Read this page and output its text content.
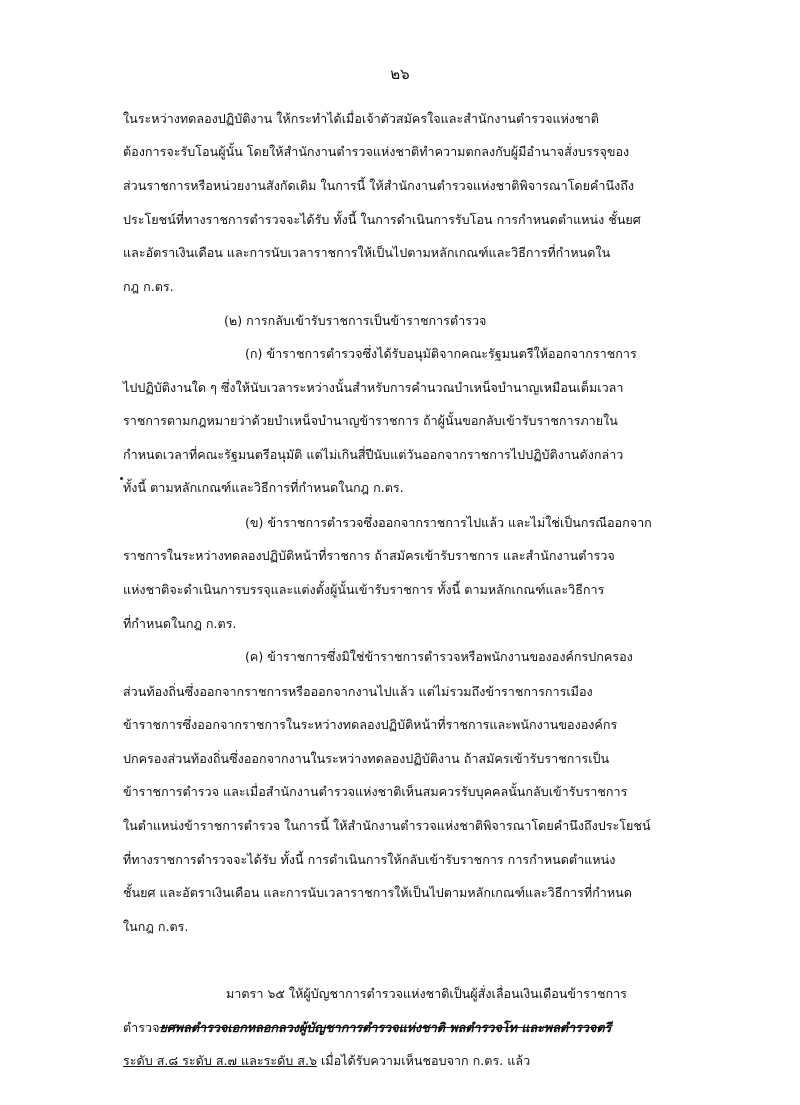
๒๖
ในระหว่างทดลองปฏิบัติงาน ให้กระทำได้เมื่อเจ้าตัวสมัครใจและสำนักงานตำรวจแห่งชาติ
ต้องการจะรับโอนผู้นั้น โดยให้สำนักงานตำรวจแห่งชาติทำความตกลงกับผู้มีอำนาจสั่งบรรจุของ
ส่วนราชการหรือหน่วยงานสังกัดเดิม ในการนี้ ให้สำนักงานตำรวจแห่งชาติพิจารณาโดยคำนึงถึง
ประโยชน์ที่ทางราชการตำรวจจะได้รับ ทั้งนี้ ในการดำเนินการรับโอน การกำหนดตำแหน่ง ชั้นยศ
และอัตราเงินเดือน และการนับเวลาราชการให้เป็นไปตามหลักเกณฑ์และวิธีการที่กำหนดใน
กฎ ก.ตร.
(๒) การกลับเข้ารับราชการเป็นข้าราชการตำรวจ
(ก) ข้าราชการตำรวจซึ่งได้รับอนุมัติจากคณะรัฐมนตรีให้ออกจากราชการ
ไปปฏิบัติงานใด ๆ ซึ่งให้นับเวลาระหว่างนั้นสำหรับการคำนวณบำเหน็จบำนาญเหมือนเต็มเวลา
ราชการตามกฎหมายว่าด้วยบำเหน็จบำนาญข้าราชการ ถ้าผู้นั้นขอกลับเข้ารับราชการภายใน
กำหนดเวลาที่คณะรัฐมนตรีอนุมัติ แต่ไม่เกินสี่ปีนับแต่วันออกจากราชการไปปฏิบัติงานดังกล่าว
ทั้งนี้ ตามหลักเกณฑ์และวิธีการที่กำหนดในกฎ ก.ตร.
(ข) ข้าราชการตำรวจซึ่งออกจากราชการไปแล้ว และไม่ใช่เป็นกรณีออกจาก
ราชการในระหว่างทดลองปฏิบัติหน้าที่ราชการ ถ้าสมัครเข้ารับราชการ และสำนักงานตำรวจ
แห่งชาติจะดำเนินการบรรจุและแต่งตั้งผู้นั้นเข้ารับราชการ ทั้งนี้ ตามหลักเกณฑ์และวิธีการ
ที่กำหนดในกฎ ก.ตร.
(ค) ข้าราชการซึ่งมิใช่ข้าราชการตำรวจหรือพนักงานขององค์กรปกครอง
ส่วนท้องถิ่นซึ่งออกจากราชการหรือออกจากงานไปแล้ว แต่ไม่รวมถึงข้าราชการการเมือง
ข้าราชการซึ่งออกจากราชการในระหว่างทดลองปฏิบัติหน้าที่ราชการและพนักงานขององค์กร
ปกครองส่วนท้องถิ่นซึ่งออกจากงานในระหว่างทดลองปฏิบัติงาน ถ้าสมัครเข้ารับราชการเป็น
ข้าราชการตำรวจ และเมื่อสำนักงานตำรวจแห่งชาติเห็นสมควรรับบุคคลนั้นกลับเข้ารับราชการ
ในตำแหน่งข้าราชการตำรวจ ในการนี้ ให้สำนักงานตำรวจแห่งชาติพิจารณาโดยคำนึงถึงประโยชน์
ที่ทางราชการตำรวจจะได้รับ ทั้งนี้ การดำเนินการให้กลับเข้ารับราชการ การกำหนดตำแหน่ง
ชั้นยศ และอัตราเงินเดือน และการนับเวลาราชการให้เป็นไปตามหลักเกณฑ์และวิธีการที่กำหนด
ในกฎ ก.ตร.
มาตรา ๖๕ ให้ผู้บัญชาการตำรวจแห่งชาติเป็นผู้สั่งเลื่อนเงินเดือนข้าราชการ
ตำรวจยศพลตำรวจเอกหลอกลวงผู้บัญชาการตำรวจแห่งชาติ พลตำรวจโท และพลตำรวจตรี
ระดับ ส.๘ ระดับ ส.๗ และระดับ ส.๖ เมื่อได้รับความเห็นชอบจาก ก.ตร. แล้ว
